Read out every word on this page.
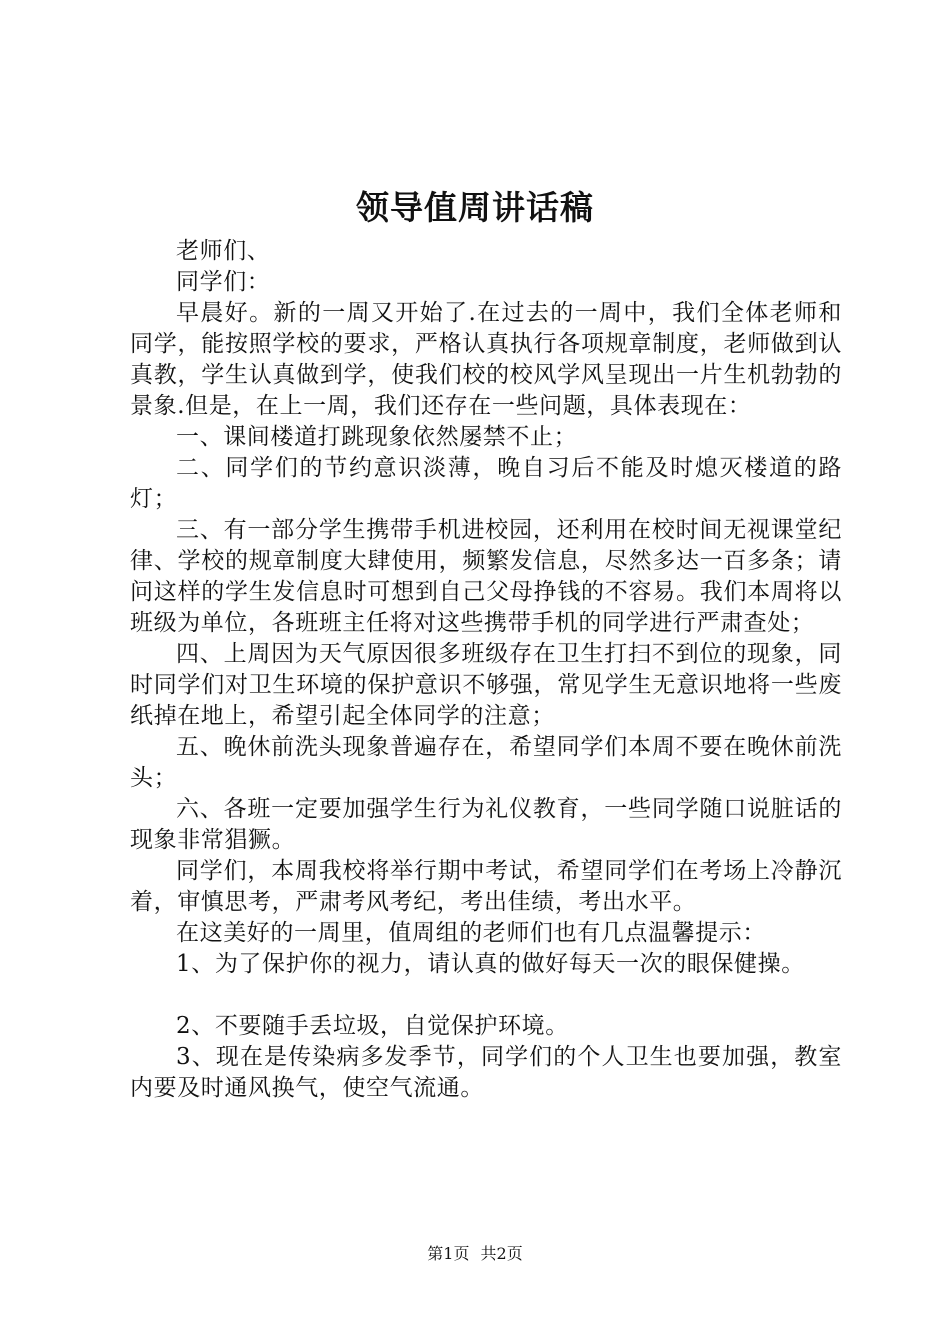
领导值周讲话稿

老师们、

同学们：

早晨好。新的一周又开始了.在过去的一周中，我们全体老师和同学，能按照学校的要求，严格认真执行各项规章制度，老师做到认真教，学生认真做到学，使我们校的校风学风呈现出一片生机勃勃的景象.但是，在上一周，我们还存在一些问题，具体表现在：

一、课间楼道打跳现象依然屡禁不止；

二、同学们的节约意识淡薄，晚自习后不能及时熄灭楼道的路灯；

三、有一部分学生携带手机进校园，还利用在校时间无视课堂纪律、学校的规章制度大肆使用，频繁发信息，尽然多达一百多条；请问这样的学生发信息时可想到自己父母挣钱的不容易。我们本周将以班级为单位，各班班主任将对这些携带手机的同学进行严肃查处；

四、上周因为天气原因很多班级存在卫生打扫不到位的现象，同时同学们对卫生环境的保护意识不够强，常见学生无意识地将一些废纸掉在地上，希望引起全体同学的注意；

五、晚休前洗头现象普遍存在，希望同学们本周不要在晚休前洗头；

六、各班一定要加强学生行为礼仪教育，一些同学随口说脏话的现象非常猖獗。

同学们，本周我校将举行期中考试，希望同学们在考场上冷静沉着，审慎思考，严肃考风考纪，考出佳绩，考出水平。

在这美好的一周里，值周组的老师们也有几点温馨提示：

1、为了保护你的视力，请认真的做好每天一次的眼保健操。

2、不要随手丢垃圾，自觉保护环境。

3、现在是传染病多发季节，同学们的个人卫生也要加强，教室内要及时通风换气，使空气流通。

第1页 共2页
